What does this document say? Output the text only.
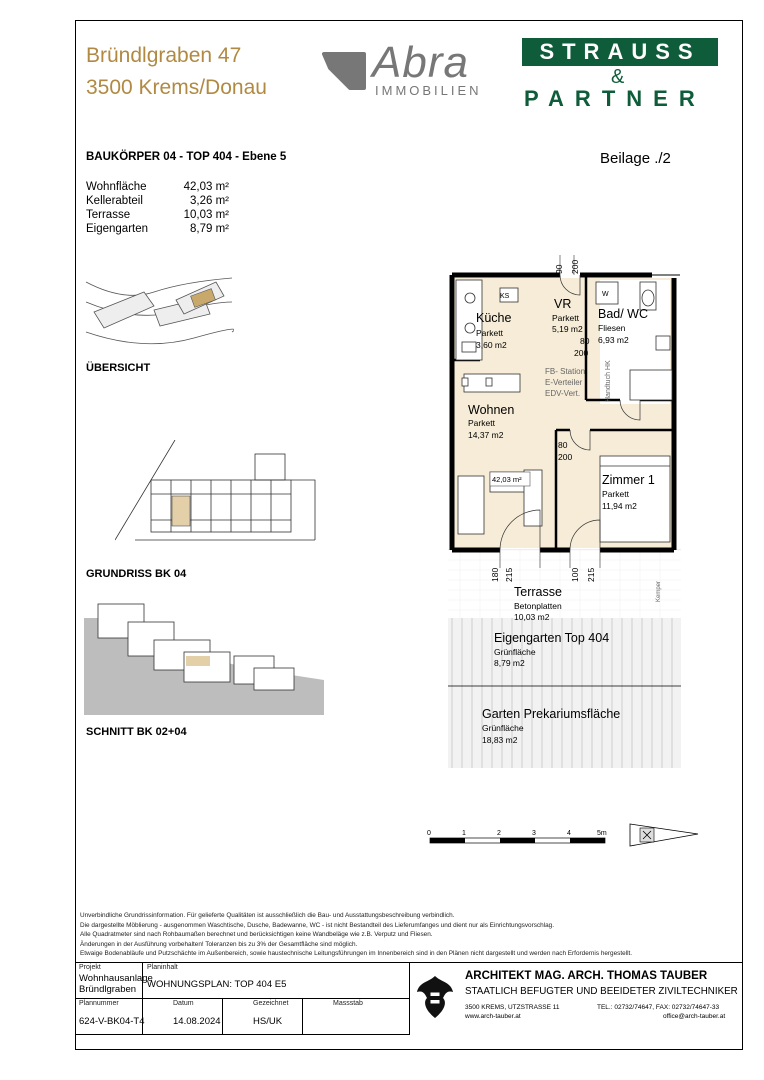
Bründlgraben 47
3500 Krems/Donau
Abra
IMMOBILIEN
STRAUSS
&
PARTNER
BAUKÖRPER 04 - TOP 404 - Ebene 5	Beilage ./2
Wohnfläche	42,03 m²
Kellerabteil	3,26 m²
Terrasse	10,03 m²
Eigengarten	8,79 m²
ÜBERSICHT
GRUNDRISS BK 04
SCHNITT BK 02+04
Küche
Parkett
3,60 m2
VR
Parkett
5,19 m2
Bad/ WC
Fliesen
6,93 m2
Wohnen
Parkett
14,37 m2
Zimmer 1
Parkett
11,94 m2
42,03 m²
KS	W
FB- Station
E-Verteiler
EDV-Vert.	Handtuch HK
Kemper
90 200
80
200
80
200
180 215	100 215
Terrasse
Betonplatten
10,03 m2
Eigengarten Top 404
Grünfläche
8,79 m2
Garten Prekariumsfläche
Grünfläche
18,83 m2
0	1	2	3	4	5m
Unverbindliche Grundrissinformation. Für gelieferte Qualitäten ist ausschließlich die Bau- und Ausstattungsbeschreibung verbindlich.
Die dargestellte Möblierung - ausgenommen Waschtische, Dusche, Badewanne, WC - ist nicht Bestandteil des Lieferumfanges und dient nur als Einrichtungsvorschlag.
Alle Quadratmeter sind nach Rohbaumaßen berechnet und berücksichtigen keine Wandbeläge wie z.B. Verputz und Fliesen.
Änderungen in der Ausführung vorbehalten! Toleranzen bis zu 3% der Gesamtfläche sind möglich.
Etwaige Bodenabläufe und Putzschächte im Außenbereich, sowie haustechnische Leitungsführungen im Innenbereich sind in den Plänen nicht dargestellt und werden nach Erfordernis hergestellt.
Projekt
Wohnhausanlage
Bründlgraben
Planinhalt
WOHNUNGSPLAN: TOP 404 E5
Plannummer
624-V-BK04-T4
Datum
14.08.2024
Gezeichnet
HS/UK
Massstab
ARCHITEKT MAG. ARCH. THOMAS TAUBER
STAATLICH BEFUGTER UND BEEIDETER ZIVILTECHNIKER
3500 KREMS, UTZSTRASSE 11
www.arch-tauber.at
TEL.: 02732/74647, FAX: 02732/74647-33
office@arch-tauber.at
